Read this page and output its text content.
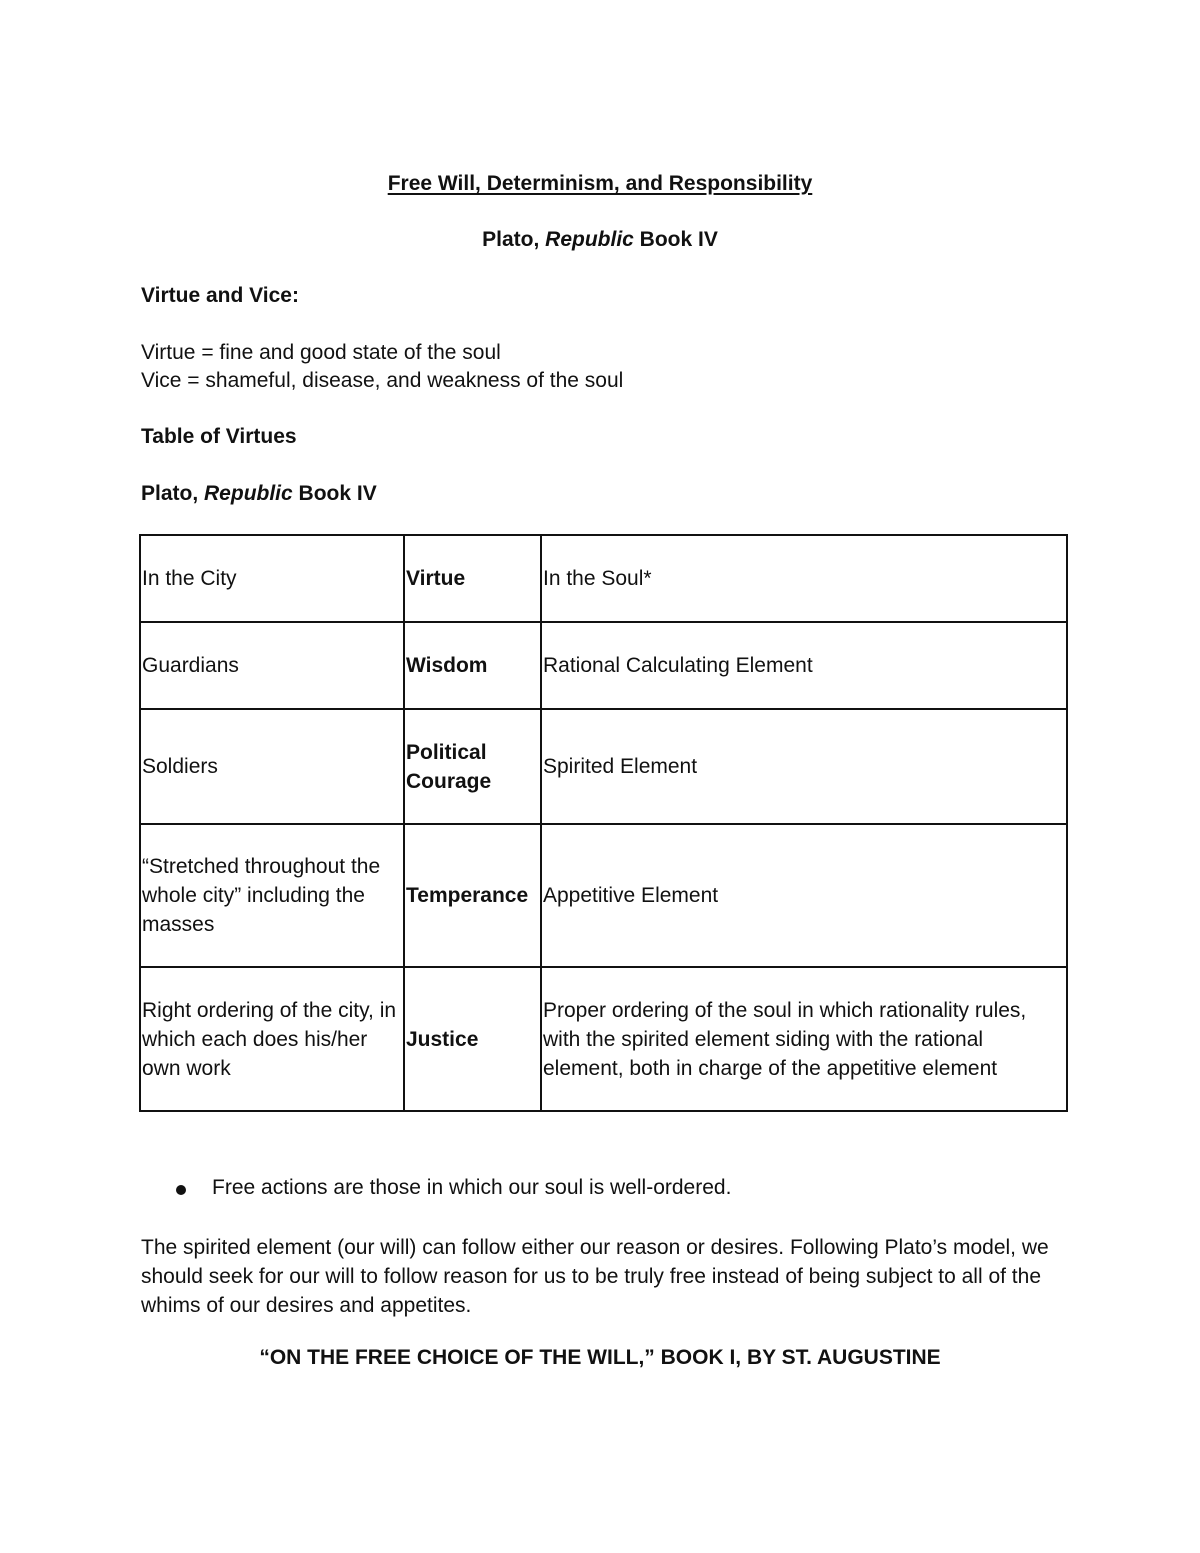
Free Will, Determinism, and Responsibility

Plato, Republic Book IV

Virtue and Vice:

Virtue = fine and good state of the soul

Vice = shameful, disease, and weakness of the soul

Table of Virtues

Plato, Republic Book IV

In the City	Virtue	In the Soul*
Guardians	Wisdom	Rational Calculating Element
Soldiers	Political Courage	Spirited Element
“Stretched throughout the whole city” including the masses	Temperance	Appetitive Element
Right ordering of the city, in which each does his/her own work	Justice	Proper ordering of the soul in which rationality rules, with the spirited element siding with the rational element, both in charge of the appetitive element

Free actions are those in which our soul is well-ordered.

The spirited element (our will) can follow either our reason or desires. Following Plato’s model, we should seek for our will to follow reason for us to be truly free instead of being subject to all of the whims of our desires and appetites.

“ON THE FREE CHOICE OF THE WILL,” BOOK I, BY ST. AUGUSTINE
